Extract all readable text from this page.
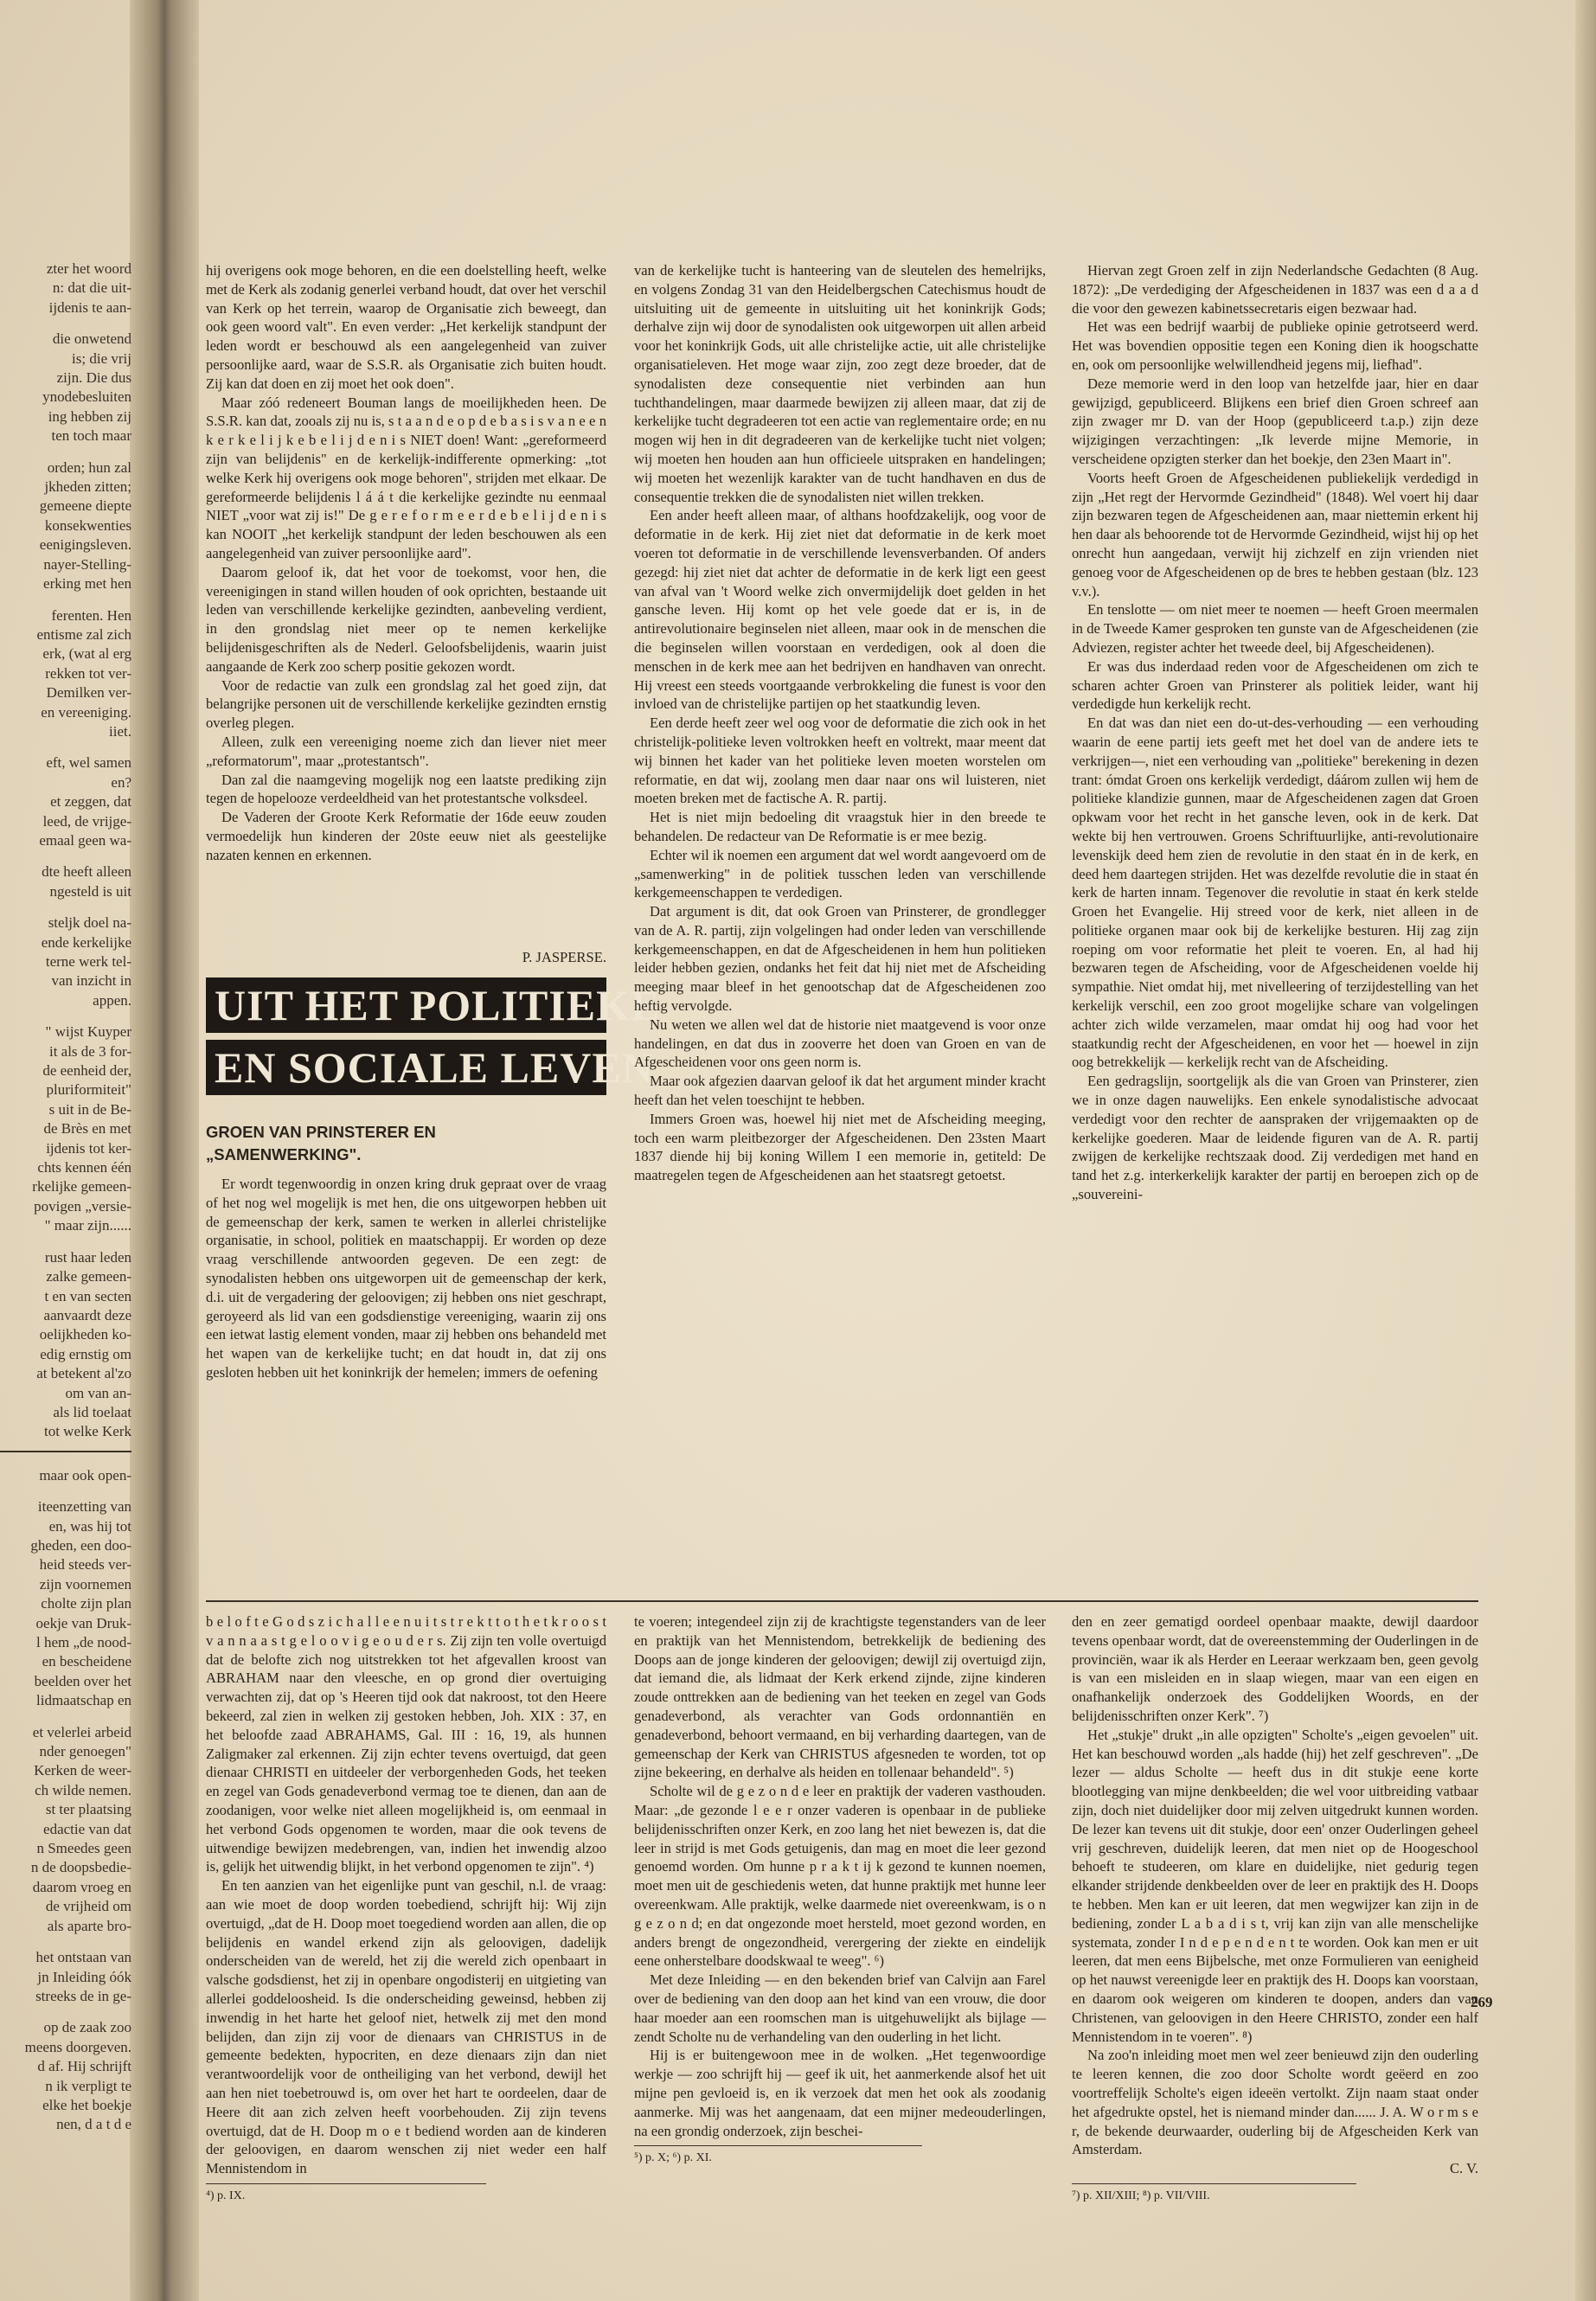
zter het woord
n: dat die uit-
ijdenis te aan-
die onwetend
is; die vrij
zijn. Die dus
ynodebesluiten
ing hebben zij
ten toch maar
orden; hun zal
jkheden zitten;
gemeene diepte
konsekwenties
eenigingsleven.
nayer-Stelling-
erking met hen
ferenten. Hen
entisme zal zich
erk, (wat al erg
rekken tot ver-
Demilken ver-
en vereeniging.
iiet.
eft, wel samen
en?
et zeggen, dat
leed, de vrijge-
emaal geen wa-
dte heeft alleen
ngesteld is uit
steljk doel na-
ende kerkelijke
terne werk tel-
van inzicht in
appen.
" wijst Kuyper
it als de 3 for-
de eenheid der,
pluriformiteit"
s uit in de Be-
de Brès en met
ijdenis tot ker-
chts kennen één
rkelijke gemeen-
povigen „versie-
" maar zijn......
rust haar leden
zalke gemeen-
t en van secten
aanvaardt deze
oelijkheden ko-
edig ernstig om
at betekent al'zo
om van an-
als lid toelaat
tot welke Kerk
maar ook open-
iteenzetting van
en, was hij tot
gheden, een doo-
heid steeds ver-
zijn voornemen
cholte zijn plan
oekje van Druk-
l hem „de nood-
en bescheidene
beelden over het
lidmaatschap en
et velerlei arbeid
nder genoegen"
Kerken de weer-
ch wilde nemen.
st ter plaatsing
edactie van dat
n Smeedes geen
n de doopsbedie-
daarom vroeg en
de vrijheid om
als aparte bro-
het ontstaan van
jn Inleiding óók
streeks de in ge-
op de zaak zoo
meens doorgeven.
d af. Hij schrijft
n ik verpligt te
elke het boekje
nen, d a t d e

hij overigens ook moge behoren, en die een doelstelling heeft, welke met de Kerk als zodanig generlei verband houdt, dat over het verschil van Kerk op het terrein, waarop de Organisatie zich beweegt, dan ook geen woord valt". En even verder: „Het kerkelijk standpunt der leden wordt er beschouwd als een aangelegenheid van zuiver persoonlijke aard, waar de S.S.R. als Organisatie zich buiten houdt. Zij kan dat doen en zij moet het ook doen".

Maar zóó redeneert Bouman langs de moeilijkheden heen. De S.S.R. kan dat, zooals zij nu is, s t a a n d e o p d e b a s i s v a n e e n k e r k e l i j k e b e l i j d e n i s NIET doen! Want: „gereformeerd zijn van belijdenis" en de kerkelijk-indifferente opmerking: „tot welke Kerk hij overigens ook moge behoren", strijden met elkaar. De gereformeerde belijdenis l á á t die kerkelijke gezindte nu eenmaal NIET „voor wat zij is!" De g e r e f o r m e e r d e b e l i j d e n i s kan NOOIT „het kerkelijk standpunt der leden beschouwen als een aangelegenheid van zuiver persoonlijke aard".

Daarom geloof ik, dat het voor de toekomst, voor hen, die vereenigingen in stand willen houden of ook oprichten, bestaande uit leden van verschillende kerkelijke gezindten, aanbeveling verdient, in den grondslag niet meer op te nemen kerkelijke belijdenisgeschriften als de Nederl. Geloofsbelijdenis, waarin juist aangaande de Kerk zoo scherp positie gekozen wordt.

Voor de redactie van zulk een grondslag zal het goed zijn, dat belangrijke personen uit de verschillende kerkelijke gezindten ernstig overleg plegen.

Alleen, zulk een vereeniging noeme zich dan liever niet meer „reformatorum", maar „protestantsch".

Dan zal die naamgeving mogelijk nog een laatste prediking zijn tegen de hopelooze verdeeldheid van het protestantsche volksdeel.

De Vaderen der Groote Kerk Reformatie der 16de eeuw zouden vermoedelijk hun kinderen der 20ste eeuw niet als geestelijke nazaten kennen en erkennen.

P. JASPERSE.

UIT HET POLITIEKE
EN SOCIALE LEVEN
GROEN VAN PRINSTERER EN
„SAMENWERKING".

Er wordt tegenwoordig in onzen kring druk gepraat over de vraag of het nog wel mogelijk is met hen, die ons uitgeworpen hebben uit de gemeenschap der kerk, samen te werken in allerlei christelijke organisatie, in school, politiek en maatschappij. Er worden op deze vraag verschillende antwoorden gegeven. De een zegt: de synodalisten hebben ons uitgeworpen uit de gemeenschap der kerk, d.i. uit de vergadering der geloovigen; zij hebben ons niet geschrapt, geroyeerd als lid van een godsdienstige vereeniging, waarin zij ons een ietwat lastig element vonden, maar zij hebben ons behandeld met het wapen van de kerkelijke tucht; en dat houdt in, dat zij ons gesloten hebben uit het koninkrijk der hemelen; immers de oefening

van de kerkelijke tucht is hanteering van de sleutelen des hemelrijks, en volgens Zondag 31 van den Heidelbergschen Catechismus houdt de uitsluiting uit de gemeente in uitsluiting uit het koninkrijk Gods; derhalve zijn wij door de synodalisten ook uitgeworpen uit allen arbeid voor het koninkrijk Gods, uit alle christelijke actie, uit alle christelijke organisatieleven. Het moge waar zijn, zoo zegt deze broeder, dat de synodalisten deze consequentie niet verbinden aan hun tuchthandelingen, maar daarmede bewijzen zij alleen maar, dat zij de kerkelijke tucht degradeeren tot een actie van reglementaire orde; en nu mogen wij hen in dit degradeeren van de kerkelijke tucht niet volgen; wij moeten hen houden aan hun officieele uitspraken en handelingen; wij moeten het wezenlijk karakter van de tucht handhaven en dus de consequentie trekken die de synodalisten niet willen trekken.

Een ander heeft alleen maar, of althans hoofdzakelijk, oog voor de deformatie in de kerk. Hij ziet niet dat deformatie in de kerk moet voeren tot deformatie in de verschillende levensverbanden. Of anders gezegd: hij ziet niet dat achter de deformatie in de kerk ligt een geest van afval van 't Woord welke zich onvermijdelijk doet gelden in het gansche leven. Hij komt op het vele goede dat er is, in de antirevolutionaire beginselen niet alleen, maar ook in de menschen die die beginselen willen voorstaan en verdedigen, ook al doen die menschen in de kerk mee aan het bedrijven en handhaven van onrecht. Hij vreest een steeds voortgaande verbrokkeling die funest is voor den invloed van de christelijke partijen op het staatkundig leven.

Een derde heeft zeer wel oog voor de deformatie die zich ook in het christelijk-politieke leven voltrokken heeft en voltrekt, maar meent dat wij binnen het kader van het politieke leven moeten worstelen om reformatie, en dat wij, zoolang men daar naar ons wil luisteren, niet moeten breken met de factische A. R. partij.

Het is niet mijn bedoeling dit vraagstuk hier in den breede te behandelen. De redacteur van De Reformatie is er mee bezig.

Echter wil ik noemen een argument dat wel wordt aangevoerd om de „samenwerking" in de politiek tusschen leden van verschillende kerkgemeenschappen te verdedigen.

Dat argument is dit, dat ook Groen van Prinsterer, de grondlegger van de A. R. partij, zijn volgelingen had onder leden van verschillende kerkgemeenschappen, en dat de Afgescheidenen in hem hun politieken leider hebben gezien, ondanks het feit dat hij niet met de Afscheiding meeging maar bleef in het genootschap dat de Afgescheidenen zoo heftig vervolgde.

Nu weten we allen wel dat de historie niet maatgevend is voor onze handelingen, en dat dus in zooverre het doen van Groen en van de Afgescheidenen voor ons geen norm is.

Maar ook afgezien daarvan geloof ik dat het argument minder kracht heeft dan het velen toeschijnt te hebben.

Immers Groen was, hoewel hij niet met de Afscheiding meeging, toch een warm pleitbezorger der Afgescheidenen. Den 23sten Maart 1837 diende hij bij koning Willem I een memorie in, getiteld: De maatregelen tegen de Afgescheidenen aan het staatsregt getoetst.

Hiervan zegt Groen zelf in zijn Nederlandsche Gedachten (8 Aug. 1872): „De verdediging der Afgescheidenen in 1837 was een d a a d die voor den gewezen kabinetssecretaris eigen bezwaar had.

Het was een bedrijf waarbij de publieke opinie getrotseerd werd. Het was bovendien oppositie tegen een Koning dien ik hoogschatte en, ook om persoonlijke welwillendheid jegens mij, liefhad".

Deze memorie werd in den loop van hetzelfde jaar, hier en daar gewijzigd, gepubliceerd. Blijkens een brief dien Groen schreef aan zijn zwager mr D. van der Hoop (gepubliceerd t.a.p.) zijn deze wijzigingen verzachtingen: „Ik leverde mijne Memorie, in verscheidene opzigten sterker dan het boekje, den 23en Maart in".

Voorts heeft Groen de Afgescheidenen publiekelijk verdedigd in zijn „Het regt der Hervormde Gezindheid" (1848). Wel voert hij daar zijn bezwaren tegen de Afgescheidenen aan, maar niettemin erkent hij hen daar als behoorende tot de Hervormde Gezindheid, wijst hij op het onrecht hun aangedaan, verwijt hij zichzelf en zijn vrienden niet genoeg voor de Afgescheidenen op de bres te hebben gestaan (blz. 123 v.v.).

En tenslotte — om niet meer te noemen — heeft Groen meermalen in de Tweede Kamer gesproken ten gunste van de Afgescheidenen (zie Adviezen, register achter het tweede deel, bij Afgescheidenen).

Er was dus inderdaad reden voor de Afgescheidenen om zich te scharen achter Groen van Prinsterer als politiek leider, want hij verdedigde hun kerkelijk recht.

En dat was dan niet een do-ut-des-verhouding — een verhouding waarin de eene partij iets geeft met het doel van de andere iets te verkrijgen—, niet een verhouding van „politieke" berekening in dezen trant: ómdat Groen ons kerkelijk verdedigt, dáárom zullen wij hem de politieke klandizie gunnen, maar de Afgescheidenen zagen dat Groen opkwam voor het recht in het gansche leven, ook in de kerk. Dat wekte bij hen vertrouwen. Groens Schriftuurlijke, anti-revolutionaire levenskijk deed hem zien de revolutie in den staat én in de kerk, en deed hem daartegen strijden. Het was dezelfde revolutie die in staat én kerk de harten innam. Tegenover die revolutie in staat én kerk stelde Groen het Evangelie. Hij streed voor de kerk, niet alleen in de politieke organen maar ook bij de kerkelijke besturen. Hij zag zijn roeping om voor reformatie het pleit te voeren. En, al had hij bezwaren tegen de Afscheiding, voor de Afgescheidenen voelde hij sympathie. Niet omdat hij, met nivelleering of terzijdestelling van het kerkelijk verschil, een zoo groot mogelijke schare van volgelingen achter zich wilde verzamelen, maar omdat hij oog had voor het staatkundig recht der Afgescheidenen, en voor het — hoewel in zijn oog betrekkelijk — kerkelijk recht van de Afscheiding.

Een gedragslijn, soortgelijk als die van Groen van Prinsterer, zien we in onze dagen nauwelijks. Een enkele synodalistische advocaat verdedigt voor den rechter de aanspraken der vrijgemaakten op de kerkelijke goederen. Maar de leidende figuren van de A. R. partij zwijgen de kerkelijke rechtszaak dood. Zij verdedigen met hand en tand het z.g. interkerkelijk karakter der partij en beroepen zich op de „souvereini-

b e l o f t e G o d s z i c h a l l e e n u i t s t r e k t t o t h e t k r o o s t v a n n a a s t g e l o o v i g e o u d e r s. Zij zijn ten volle overtuigd dat de belofte zich nog uitstrekken tot het afgevallen kroost van ABRAHAM naar den vleesche, en op grond dier overtuiging verwachten zij, dat op 's Heeren tijd ook dat nakroost, tot den Heere bekeerd, zal zien in welken zij gestoken hebben, Joh. XIX : 37, en het beloofde zaad ABRAHAMS, Gal. III : 16, 19, als hunnen Zaligmaker zal erkennen. Zij zijn echter tevens overtuigd, dat geen dienaar CHRISTI en uitdeeler der verborgenheden Gods, het teeken en zegel van Gods genadeverbond vermag toe te dienen, dan aan de zoodanigen, voor welke niet alleen mogelijkheid is, om eenmaal in het verbond Gods opgenomen te worden, maar die ook tevens de uitwendige bewijzen medebrengen, van, indien het inwendig alzoo is, gelijk het uitwendig blijkt, in het verbond opgenomen te zijn". ⁴)

En ten aanzien van het eigenlijke punt van geschil, n.l. de vraag: aan wie moet de doop worden toebediend, schrijft hij: Wij zijn overtuigd, „dat de H. Doop moet toegediend worden aan allen, die op belijdenis en wandel erkend zijn als geloovigen, dadelijk onderscheiden van de wereld, het zij die wereld zich openbaart in valsche godsdienst, het zij in openbare ongodisterij en uitgieting van allerlei goddeloosheid. Is die onderscheiding geweinsd, hebben zij inwendig in het harte het geloof niet, hetwelk zij met den mond belijden, dan zijn zij voor de dienaars van CHRISTUS in de gemeente bedekten, hypocriten, en deze dienaars zijn dan niet verantwoordelijk voor de ontheiliging van het verbond, dewijl het aan hen niet toebetrouwd is, om over het hart te oordeelen, daar de Heere dit aan zich zelven heeft voorbehouden. Zij zijn tevens overtuigd, dat de H. Doop m o e t bediend worden aan de kinderen der geloovigen, en daarom wenschen zij niet weder een half Mennistendom in

⁴) p. IX.

te voeren; integendeel zijn zij de krachtigste tegenstanders van de leer en praktijk van het Mennistendom, betrekkelijk de bediening des Doops aan de jonge kinderen der geloovigen; dewijl zij overtuigd zijn, dat iemand die, als lidmaat der Kerk erkend zijnde, zijne kinderen zoude onttrekken aan de bediening van het teeken en zegel van Gods genadeverbond, als verachter van Gods ordonnantiën en genadeverbond, behoort vermaand, en bij verharding daartegen, van de gemeenschap der Kerk van CHRISTUS afgesneden te worden, tot op zijne bekeering, en derhalve als heiden en tollenaar behandeld". ⁵)

Scholte wil de g e z o n d e leer en praktijk der vaderen vasthouden. Maar: „de gezonde l e e r onzer vaderen is openbaar in de publieke belijdenisschriften onzer Kerk, en zoo lang het niet bewezen is, dat die leer in strijd is met Gods getuigenis, dan mag en moet die leer gezond genoemd worden. Om hunne p r a k t ij k gezond te kunnen noemen, moet men uit de geschiedenis weten, dat hunne praktijk met hunne leer overeenkwam. Alle praktijk, welke daarmede niet overeenkwam, is o n g e z o n d; en dat ongezonde moet hersteld, moet gezond worden, en anders brengt de ongezondheid, verergering der ziekte en eindelijk eene onherstelbare doodskwaal te weeg". ⁶)

Met deze Inleiding — en den bekenden brief van Calvijn aan Farel over de bediening van den doop aan het kind van een vrouw, die door haar moeder aan een roomschen man is uitgehuwelijkt als bijlage — zendt Scholte nu de verhandeling van den ouderling in het licht.

Hij is er buitengewoon mee in de wolken. „Het tegenwoordige werkje — zoo schrijft hij — geef ik uit, het aanmerkende alsof het uit mijne pen gevloeid is, en ik verzoek dat men het ook als zoodanig aanmerke. Mij was het aangenaam, dat een mijner medeouderlingen, na een grondig onderzoek, zijn beschei-

⁵) p. X; ⁶) p. XI.

den en zeer gematigd oordeel openbaar maakte, dewijl daardoor tevens openbaar wordt, dat de overeenstemming der Ouderlingen in de provinciën, waar ik als Herder en Leeraar werkzaam ben, geen gevolg is van een misleiden en in slaap wiegen, maar van een eigen en onafhankelijk onderzoek des Goddelijken Woords, en der belijdenisschriften onzer Kerk". ⁷)

Het „stukje" drukt „in alle opzigten" Scholte's „eigen gevoelen" uit. Het kan beschouwd worden „als hadde (hij) het zelf geschreven". „De lezer — aldus Scholte — heeft dus in dit stukje eene korte blootlegging van mijne denkbeelden; die wel voor uitbreiding vatbaar zijn, doch niet duidelijker door mij zelven uitgedrukt kunnen worden. De lezer kan tevens uit dit stukje, door een' onzer Ouderlingen geheel vrij geschreven, duidelijk leeren, dat men niet op de Hoogeschool behoeft te studeeren, om klare en duidelijke, niet gedurig tegen elkander strijdende denkbeelden over de leer en praktijk des H. Doops te hebben. Men kan er uit leeren, dat men wegwijzer kan zijn in de bediening, zonder L a b a d i s t, vrij kan zijn van alle menschelijke systemata, zonder I n d e p e n d e n t te worden. Ook kan men er uit leeren, dat men eens Bijbelsche, met onze Formulieren van eenigheid op het nauwst vereenigde leer en praktijk des H. Doops kan voorstaan, en daarom ook weigeren om kinderen te doopen, anders dan van Christenen, van geloovigen in den Heere CHRISTO, zonder een half Mennistendom in te voeren". ⁸)

Na zoo'n inleiding moet men wel zeer benieuwd zijn den ouderling te leeren kennen, die zoo door Scholte wordt geëerd en zoo voortreffelijk Scholte's eigen ideeën vertolkt. Zijn naam staat onder het afgedrukte opstel, het is niemand minder dan...... J. A. W o r m s e r, de bekende deurwaarder, ouderling bij de Afgescheiden Kerk van Amsterdam.

C. V.

⁷) p. XII/XIII; ⁸) p. VII/VIII.

269
